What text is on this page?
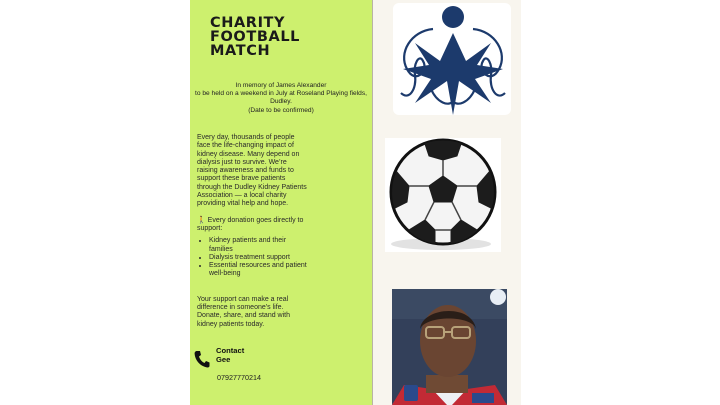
CHARITY
FOOTBALL
MATCH
In memory of James Alexander
to be held on a weekend in July at Roseland Playing fields,
Dudley.
(Date to be confirmed)

Every day, thousands of people face the life-changing impact of kidney disease. Many depend on dialysis just to survive. We’re raising awareness and funds to support these brave patients through the Dudley Kidney Patients Association — a local charity providing vital help and hope.

🚶 Every donation goes directly to support:

• Kidney patients and their families
• Dialysis treatment support
• Essential resources and patient well-being

Your support can make a real difference in someone’s life. Donate, share, and stand with kidney patients today.

Contact
Gee
07927770214
